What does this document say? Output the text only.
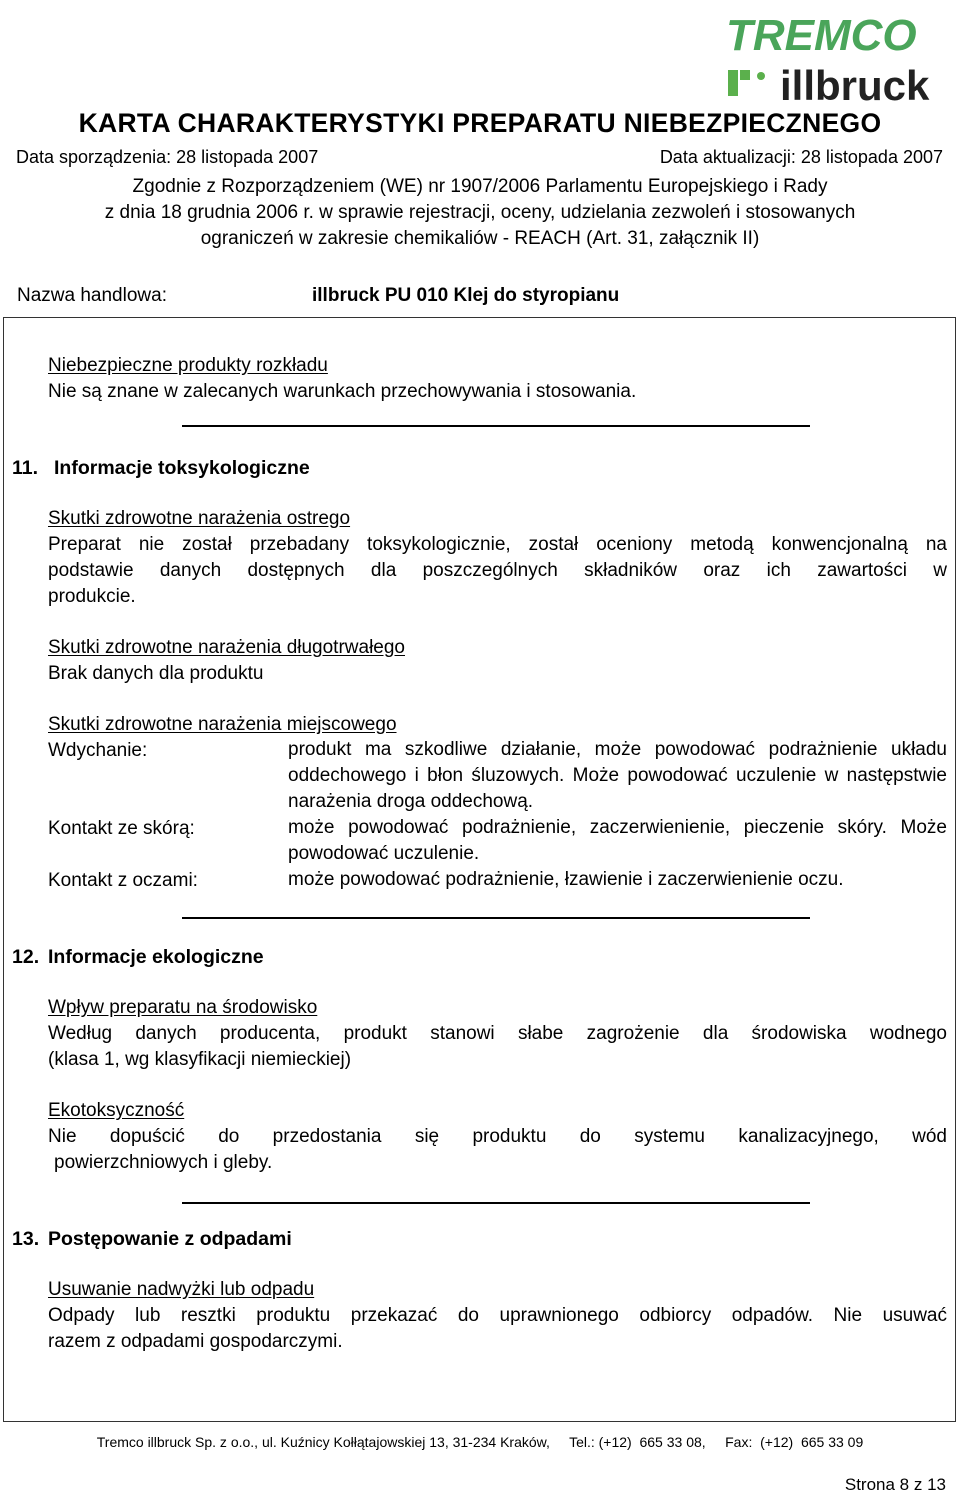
TREMCO
illbruck
KARTA CHARAKTERYSTYKI PREPARATU NIEBEZPIECZNEGO
Data sporządzenia: 28 listopada 2007	Data aktualizacji: 28 listopada 2007
Zgodnie z Rozporządzeniem (WE) nr 1907/2006 Parlamentu Europejskiego i Rady
z dnia 18 grudnia 2006 r. w sprawie rejestracji, oceny, udzielania zezwoleń i stosowanych
ograniczeń w zakresie chemikaliów - REACH (Art. 31, załącznik II)
Nazwa handlowa:	illbruck PU 010 Klej do styropianu
Niebezpieczne produkty rozkładu
Nie są znane w zalecanych warunkach przechowywania i stosowania.
11. Informacje toksykologiczne
Skutki zdrowotne narażenia ostrego
Preparat nie został przebadany toksykologicznie, został oceniony metodą konwencjonalną na
podstawie danych dostępnych dla poszczególnych składników oraz ich zawartości w
produkcie.
Skutki zdrowotne narażenia długotrwałego
Brak danych dla produktu
Skutki zdrowotne narażenia miejscowego
Wdychanie:	produkt ma szkodliwe działanie, może powodować podrażnienie układu oddechowego i błon śluzowych. Może powodować uczulenie w następstwie narażenia droga oddechową.
Kontakt ze skórą:	może powodować podrażnienie, zaczerwienienie, pieczenie skóry. Może powodować uczulenie.
Kontakt z oczami:	może powodować podrażnienie, łzawienie i zaczerwienienie oczu.
12. Informacje ekologiczne
Wpływ preparatu na środowisko
Według danych producenta, produkt stanowi słabe zagrożenie dla środowiska wodnego
(klasa 1, wg klasyfikacji niemieckiej)
Ekotoksyczność
Nie dopuścić do przedostania się produktu do systemu kanalizacyjnego, wód
powierzchniowych i gleby.
13. Postępowanie z odpadami
Usuwanie nadwyżki lub odpadu
Odpady lub resztki produktu przekazać do uprawnionego odbiorcy odpadów. Nie usuwać
razem z odpadami gospodarczymi.
Tremco illbruck Sp. z o.o., ul. Kuźnicy Kołłątajowskiej 13, 31-234 Kraków,     Tel.: (+12)  665 33 08,     Fax:  (+12)  665 33 09
Strona 8 z 13
